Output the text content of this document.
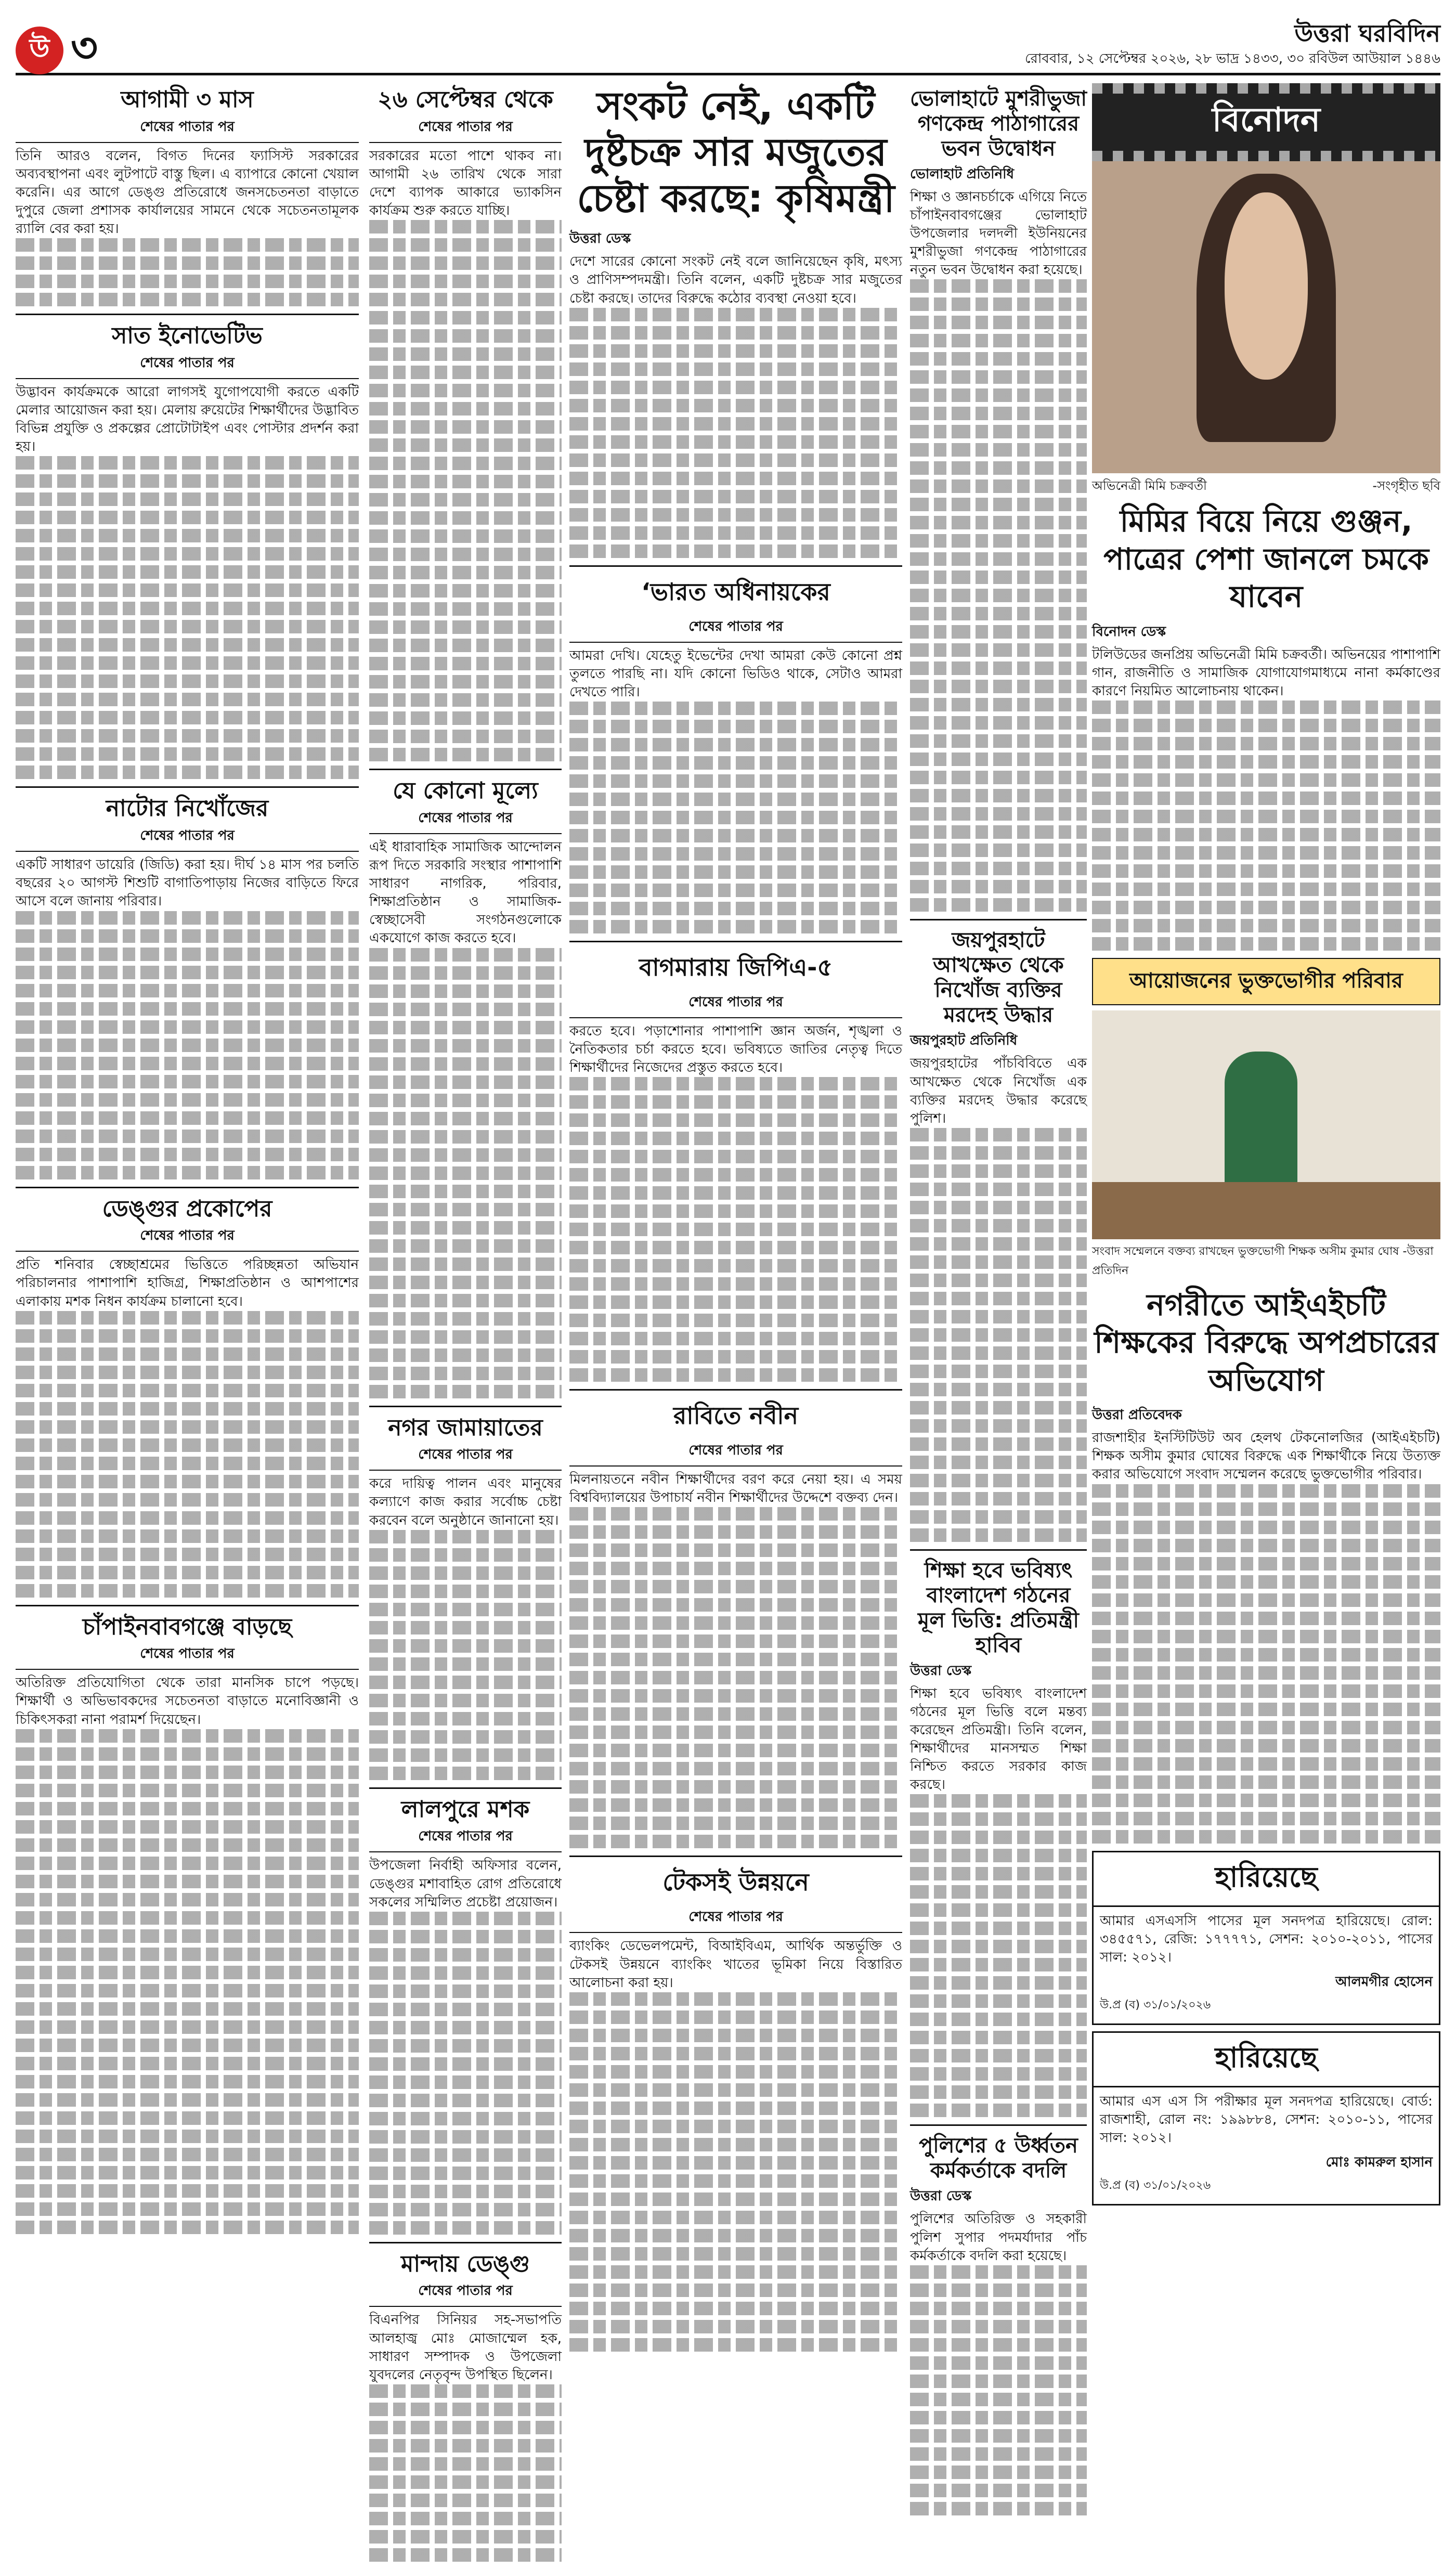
উ ৩	উত্তরা ঘরবিদিন
রোববার, ১২ সেপ্টেম্বর ২০২৬, ২৮ ভাদ্র ১৪৩৩, ৩০ রবিউল আউয়াল ১৪৪৬
আগামী ৩ মাস
শেষের পাতার পর
তিনি আরও বলেন, বিগত দিনের ফ্যাসিস্ট সরকারের অব্যবস্থাপনা এবং লুটপাটে বাস্তু ছিল। এ ব্যাপারে কোনো খেয়াল করেনি। এর আগে ডেঙ্গু প্রতিরোধে জনসচেতনতা বাড়াতে দুপুরে জেলা প্রশাসক কার্যালয়ের সামনে থেকে সচেতনতামূলক র‍্যালি বের করা হয়।
সাত ইনোভেটিভ
শেষের পাতার পর
উদ্ভাবন কার্যক্রমকে আরো লাগসই যুগোপযোগী করতে একটি মেলার আয়োজন করা হয়। মেলায় রুয়েটের শিক্ষার্থীদের উদ্ভাবিত বিভিন্ন প্রযুক্তি ও প্রকল্পের প্রোটোটাইপ এবং পোস্টার প্রদর্শন করা হয়।
নাটোর নিখোঁজের
শেষের পাতার পর
একটি সাধারণ ডায়েরি (জিডি) করা হয়। দীর্ঘ ১৪ মাস পর চলতি বছরের ২০ আগস্ট শিশুটি বাগাতিপাড়ায় নিজের বাড়িতে ফিরে আসে বলে জানায় পরিবার।
ডেঙ্গুর প্রকোপের
শেষের পাতার পর
প্রতি শনিবার স্বেচ্ছাশ্রমের ভিত্তিতে পরিচ্ছন্নতা অভিযান পরিচালনার পাশাপাশি হাজিগ্র, শিক্ষাপ্রতিষ্ঠান ও আশপাশের এলাকায় মশক নিধন কার্যক্রম চালানো হবে।
চাঁপাইনবাবগঞ্জে বাড়ছে
শেষের পাতার পর
অতিরিক্ত প্রতিযোগিতা থেকে তারা মানসিক চাপে পড়ছে। শিক্ষার্থী ও অভিভাবকদের সচেতনতা বাড়াতে মনোবিজ্ঞানী ও চিকিৎসকরা নানা পরামর্শ দিয়েছেন।
২৬ সেপ্টেম্বর থেকে
শেষের পাতার পর
সরকারের মতো পাশে থাকব না। আগামী ২৬ তারিখ থেকে সারা দেশে ব্যাপক আকারে ভ্যাকসিন কার্যক্রম শুরু করতে যাচ্ছি।
যে কোনো মূল্যে
শেষের পাতার পর
এই ধারাবাহিক সামাজিক আন্দোলন রূপ দিতে সরকারি সংস্থার পাশাপাশি সাধারণ নাগরিক, পরিবার, শিক্ষাপ্রতিষ্ঠান ও সামাজিক-স্বেচ্ছাসেবী সংগঠনগুলোকে একযোগে কাজ করতে হবে।
নগর জামায়াতের
শেষের পাতার পর
করে দায়িত্ব পালন এবং মানুষের কল্যাণে কাজ করার সর্বোচ্চ চেষ্টা করবেন বলে অনুষ্ঠানে জানানো হয়।
লালপুরে মশক
শেষের পাতার পর
উপজেলা নির্বাহী অফিসার বলেন, ডেঙ্গুর মশাবাহিত রোগ প্রতিরোধে সকলের সম্মিলিত প্রচেষ্টা প্রয়োজন।
মান্দায় ডেঙ্গু
শেষের পাতার পর
বিএনপির সিনিয়র সহ-সভাপতি আলহাজ্ব মোঃ মোজাম্মেল হক, সাধারণ সম্পাদক ও উপজেলা যুবদলের নেতৃবৃন্দ উপস্থিত ছিলেন।
সংকট নেই, একটি দুষ্টচক্র সার মজুতের চেষ্টা করছে: কৃষিমন্ত্রী
উত্তরা ডেস্ক
দেশে সারের কোনো সংকট নেই বলে জানিয়েছেন কৃষি, মৎস্য ও প্রাণিসম্পদমন্ত্রী। তিনি বলেন, একটি দুষ্টচক্র সার মজুতের চেষ্টা করছে। তাদের বিরুদ্ধে কঠোর ব্যবস্থা নেওয়া হবে।
‘ভারত অধিনায়কের
শেষের পাতার পর
আমরা দেখি। যেহেতু ইভেন্টের দেখা আমরা কেউ কোনো প্রশ্ন তুলতে পারছি না। যদি কোনো ভিডিও থাকে, সেটাও আমরা দেখতে পারি।
বাগমারায় জিপিএ-৫
শেষের পাতার পর
করতে হবে। পড়াশোনার পাশাপাশি জ্ঞান অর্জন, শৃঙ্খলা ও নৈতিকতার চর্চা করতে হবে। ভবিষ্যতে জাতির নেতৃত্ব দিতে শিক্ষার্থীদের নিজেদের প্রস্তুত করতে হবে।
রাবিতে নবীন
শেষের পাতার পর
মিলনায়তনে নবীন শিক্ষার্থীদের বরণ করে নেয়া হয়। এ সময় বিশ্ববিদ্যালয়ের উপাচার্য নবীন শিক্ষার্থীদের উদ্দেশে বক্তব্য দেন।
টেকসই উন্নয়নে
শেষের পাতার পর
ব্যাংকিং ডেভেলপমেন্ট, বিআইবিএম, আর্থিক অন্তর্ভুক্তি ও টেকসই উন্নয়নে ব্যাংকিং খাতের ভূমিকা নিয়ে বিস্তারিত আলোচনা করা হয়।
ভোলাহাটে মুশরীভুজা গণকেন্দ্র পাঠাগারের ভবন উদ্বোধন
ভোলাহাট প্রতিনিধি
শিক্ষা ও জ্ঞানচর্চাকে এগিয়ে নিতে চাঁপাইনবাবগঞ্জের ভোলাহাট উপজেলার দলদলী ইউনিয়নের মুশরীভুজা গণকেন্দ্র পাঠাগারের নতুন ভবন উদ্বোধন করা হয়েছে।
জয়পুরহাটে আখক্ষেত থেকে নিখোঁজ ব্যক্তির মরদেহ উদ্ধার
জয়পুরহাট প্রতিনিধি
জয়পুরহাটের পাঁচবিবিতে এক আখক্ষেত থেকে নিখোঁজ এক ব্যক্তির মরদেহ উদ্ধার করেছে পুলিশ।
শিক্ষা হবে ভবিষ্যৎ বাংলাদেশ গঠনের মূল ভিত্তি: প্রতিমন্ত্রী হাবিব
উত্তরা ডেস্ক
শিক্ষা হবে ভবিষ্যৎ বাংলাদেশ গঠনের মূল ভিত্তি বলে মন্তব্য করেছেন প্রতিমন্ত্রী। তিনি বলেন, শিক্ষার্থীদের মানসম্মত শিক্ষা নিশ্চিত করতে সরকার কাজ করছে।
পুলিশের ৫ উর্ধ্বতন কর্মকর্তাকে বদলি
উত্তরা ডেস্ক
পুলিশের অতিরিক্ত ও সহকারী পুলিশ সুপার পদমর্যাদার পাঁচ কর্মকর্তাকে বদলি করা হয়েছে।
বিনোদন
অভিনেত্রী মিমি চক্রবর্তী	-সংগৃহীত ছবি
মিমির বিয়ে নিয়ে গুঞ্জন, পাত্রের পেশা জানলে চমকে যাবেন
বিনোদন ডেস্ক
টলিউডের জনপ্রিয় অভিনেত্রী মিমি চক্রবর্তী। অভিনয়ের পাশাপাশি গান, রাজনীতি ও সামাজিক যোগাযোগমাধ্যমে নানা কর্মকাণ্ডের কারণে নিয়মিত আলোচনায় থাকেন।
আয়োজনের ভুক্তভোগীর পরিবার
সংবাদ সম্মেলনে বক্তব্য রাখছেন ভুক্তভোগী শিক্ষক অসীম কুমার ঘোষ -উত্তরা প্রতিদিন
নগরীতে আইএইচটি শিক্ষকের বিরুদ্ধে অপপ্রচারের অভিযোগ
উত্তরা প্রতিবেদক
রাজশাহীর ইনস্টিটিউট অব হেলথ টেকনোলজির (আইএইচটি) শিক্ষক অসীম কুমার ঘোষের বিরুদ্ধে এক শিক্ষার্থীকে নিয়ে উত্যক্ত করার অভিযোগে সংবাদ সম্মেলন করেছে ভুক্তভোগীর পরিবার।
হারিয়েছে
আমার এসএসসি পাসের মূল সনদপত্র হারিয়েছে। রোল: ৩৪৫৫৭১, রেজি: ১৭৭৭৭১, সেশন: ২০১০-২০১১, পাসের সাল: ২০১২।
আলমগীর হোসেন
উ.প্র (ব) ৩১/০১/২০২৬
হারিয়েছে
আমার এস এস সি পরীক্ষার মূল সনদপত্র হারিয়েছে। বোর্ড: রাজশাহী, রোল নং: ১৯৯৮৮৪, সেশন: ২০১০-১১, পাসের সাল: ২০১২।
মোঃ কামরুল হাসান
উ.প্র (ব) ৩১/০১/২০২৬
